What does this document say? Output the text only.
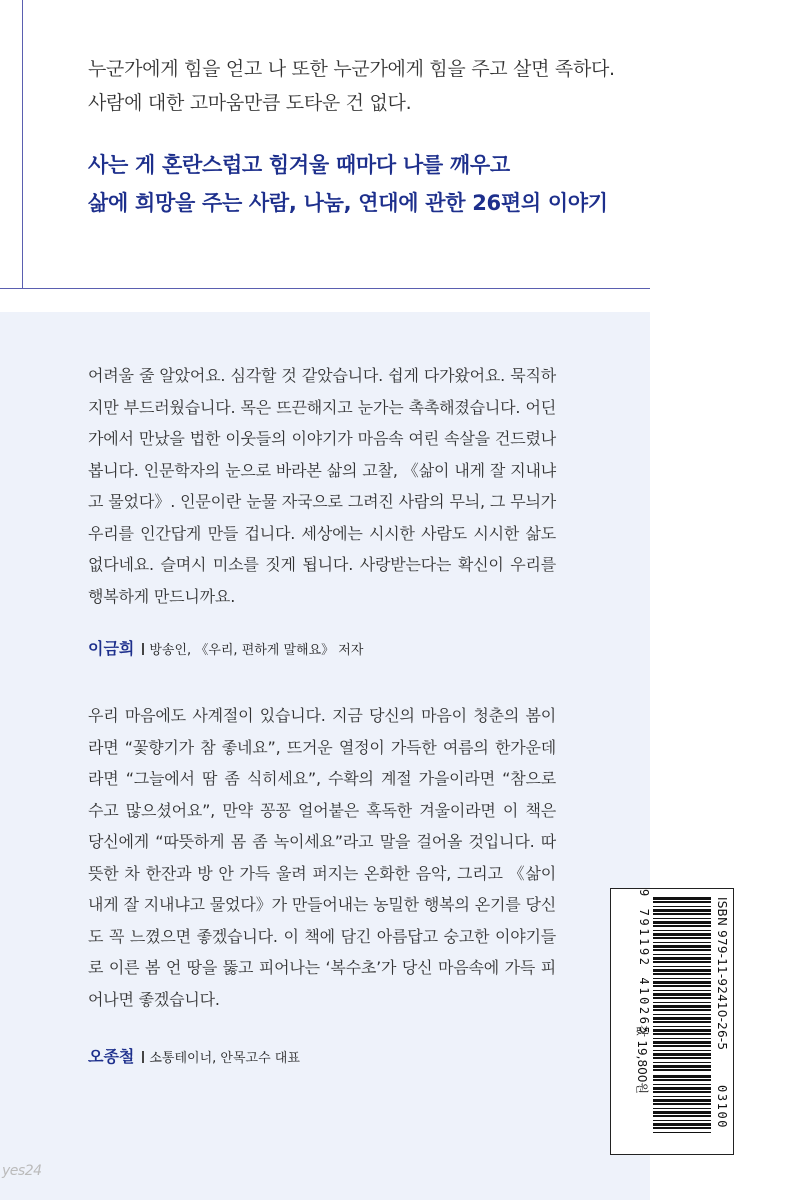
누군가에게 힘을 얻고 나 또한 누군가에게 힘을 주고 살면 족하다.
사람에 대한 고마움만큼 도타운 건 없다.
사는 게 혼란스럽고 힘겨울 때마다 나를 깨우고
삶에 희망을 주는 사람, 나눔, 연대에 관한 26편의 이야기
어려울 줄 알았어요. 심각할 것 같았습니다. 쉽게 다가왔어요. 묵직하지만 부드러웠습니다. 목은 뜨끈해지고 눈가는 촉촉해졌습니다. 어딘가에서 만났을 법한 이웃들의 이야기가 마음속 여린 속살을 건드렸나 봅니다. 인문학자의 눈으로 바라본 삶의 고찰, 《삶이 내게 잘 지내냐고 물었다》. 인문이란 눈물 자국으로 그려진 사람의 무늬, 그 무늬가 우리를 인간답게 만들 겁니다. 세상에는 시시한 사람도 시시한 삶도 없다네요. 슬며시 미소를 짓게 됩니다. 사랑받는다는 확신이 우리를 행복하게 만드니까요.
이금희 방송인, 《우리, 편하게 말해요》 저자
우리 마음에도 사계절이 있습니다. 지금 당신의 마음이 청춘의 봄이라면 “꽃향기가 참 좋네요”, 뜨거운 열정이 가득한 여름의 한가운데라면 “그늘에서 땀 좀 식히세요”, 수확의 계절 가을이라면 “참으로 수고 많으셨어요”, 만약 꽁꽁 얼어붙은 혹독한 겨울이라면 이 책은 당신에게 “따뜻하게 몸 좀 녹이세요”라고 말을 걸어올 것입니다. 따뜻한 차 한잔과 방 안 가득 울려 퍼지는 온화한 음악, 그리고 《삶이 내게 잘 지내냐고 물었다》가 만들어내는 농밀한 행복의 온기를 당신도 꼭 느꼈으면 좋겠습니다. 이 책에 담긴 아름답고 숭고한 이야기들로 이른 봄 언 땅을 뚫고 피어나는 ‘복수초’가 당신 마음속에 가득 피어나면 좋겠습니다.
오종철 소통테이너, 안목고수 대표
ISBN 979-11-92410-26-5
9 791192 410265
03100
값 19,800원
yes24
